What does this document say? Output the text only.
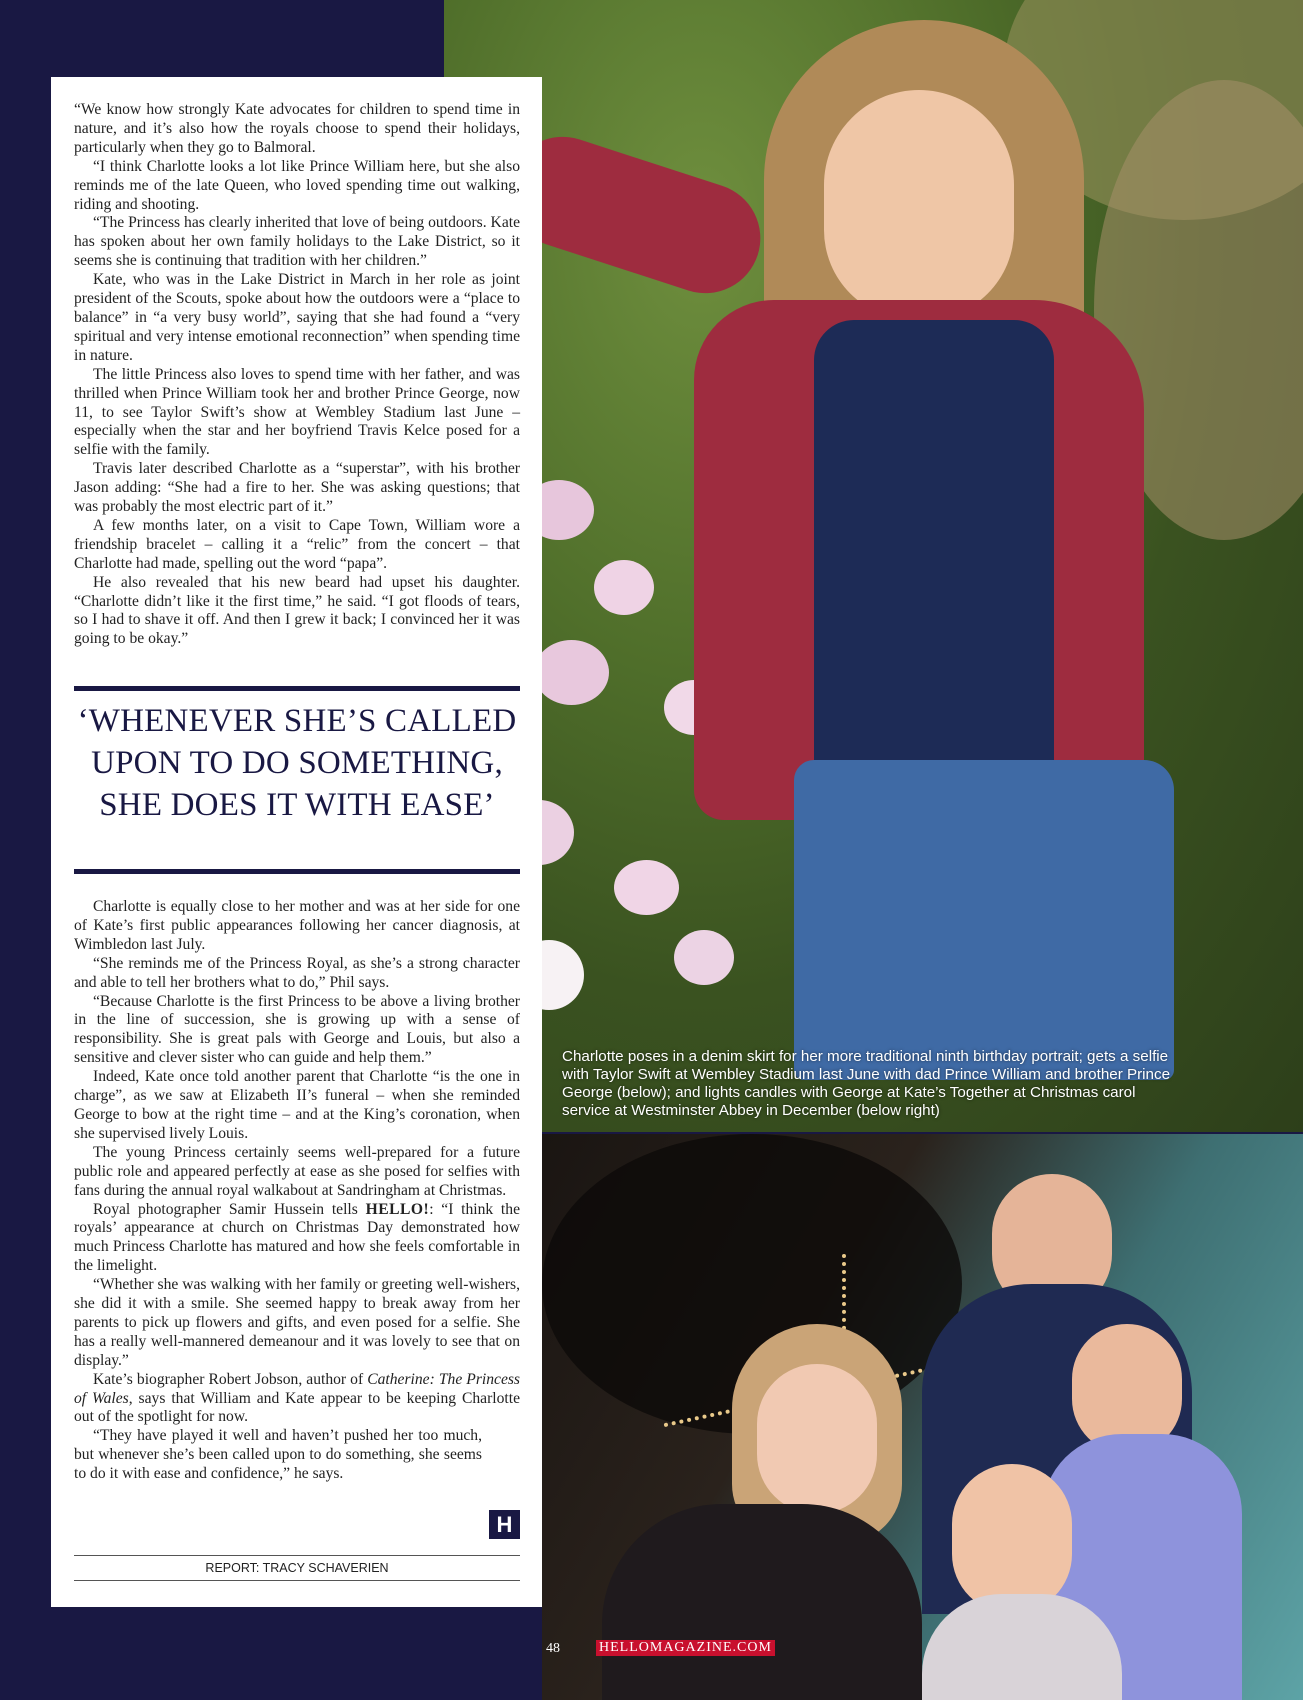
Charlotte poses in a denim skirt for her more traditional ninth birthday portrait; gets a selfie with Taylor Swift at Wembley Stadium last June with dad Prince William and brother Prince George (below); and lights candles with George at Kate’s Together at Christmas carol service at Westminster Abbey in December (below right)

“We know how strongly Kate advocates for children to spend time in nature, and it’s also how the royals choose to spend their holidays, particularly when they go to Balmoral.

“I think Charlotte looks a lot like Prince William here, but she also reminds me of the late Queen, who loved spending time out walking, riding and shooting.

“The Princess has clearly inherited that love of being outdoors. Kate has spoken about her own family holidays to the Lake District, so it seems she is continuing that tradition with her children.”

Kate, who was in the Lake District in March in her role as joint president of the Scouts, spoke about how the outdoors were a “place to balance” in “a very busy world”, saying that she had found a “very spiritual and very intense emotional reconnection” when spending time in nature.

The little Princess also loves to spend time with her father, and was thrilled when Prince William took her and brother Prince George, now 11, to see Taylor Swift’s show at Wembley Stadium last June – especially when the star and her boyfriend Travis Kelce posed for a selfie with the family.

Travis later described Charlotte as a “superstar”, with his brother Jason adding: “She had a fire to her. She was asking questions; that was probably the most electric part of it.”

A few months later, on a visit to Cape Town, William wore a friendship bracelet – calling it a “relic” from the concert – that Charlotte had made, spelling out the word “papa”.

He also revealed that his new beard had upset his daughter. “Charlotte didn’t like it the first time,” he said. “I got floods of tears, so I had to shave it off. And then I grew it back; I convinced her it was going to be okay.”

‘WHENEVER SHE’S CALLED UPON TO DO SOMETHING, SHE DOES IT WITH EASE’

Charlotte is equally close to her mother and was at her side for one of Kate’s first public appearances following her cancer diagnosis, at Wimbledon last July.

“She reminds me of the Princess Royal, as she’s a strong character and able to tell her brothers what to do,” Phil says.

“Because Charlotte is the first Princess to be above a living brother in the line of succession, she is growing up with a sense of responsibility. She is great pals with George and Louis, but also a sensitive and clever sister who can guide and help them.”

Indeed, Kate once told another parent that Charlotte “is the one in charge”, as we saw at Elizabeth II’s funeral – when she reminded George to bow at the right time – and at the King’s coronation, when she supervised lively Louis.

The young Princess certainly seems well-prepared for a future public role and appeared perfectly at ease as she posed for selfies with fans during the annual royal walkabout at Sandringham at Christmas.

Royal photographer Samir Hussein tells HELLO!: “I think the royals’ appearance at church on Christmas Day demonstrated how much Princess Charlotte has matured and how she feels comfortable in the limelight.

“Whether she was walking with her family or greeting well-wishers, she did it with a smile. She seemed happy to break away from her parents to pick up flowers and gifts, and even posed for a selfie. She has a really well-mannered demeanour and it was lovely to see that on display.”

Kate’s biographer Robert Jobson, author of Catherine: The Princess of Wales, says that William and Kate appear to be keeping Charlotte out of the spotlight for now.

“They have played it well and haven’t pushed her too much, but whenever she’s been called upon to do something, she seems to do it with ease and confidence,” he says.

H
REPORT: TRACY SCHAVERIEN
48	HELLOMAGAZINE.COM
